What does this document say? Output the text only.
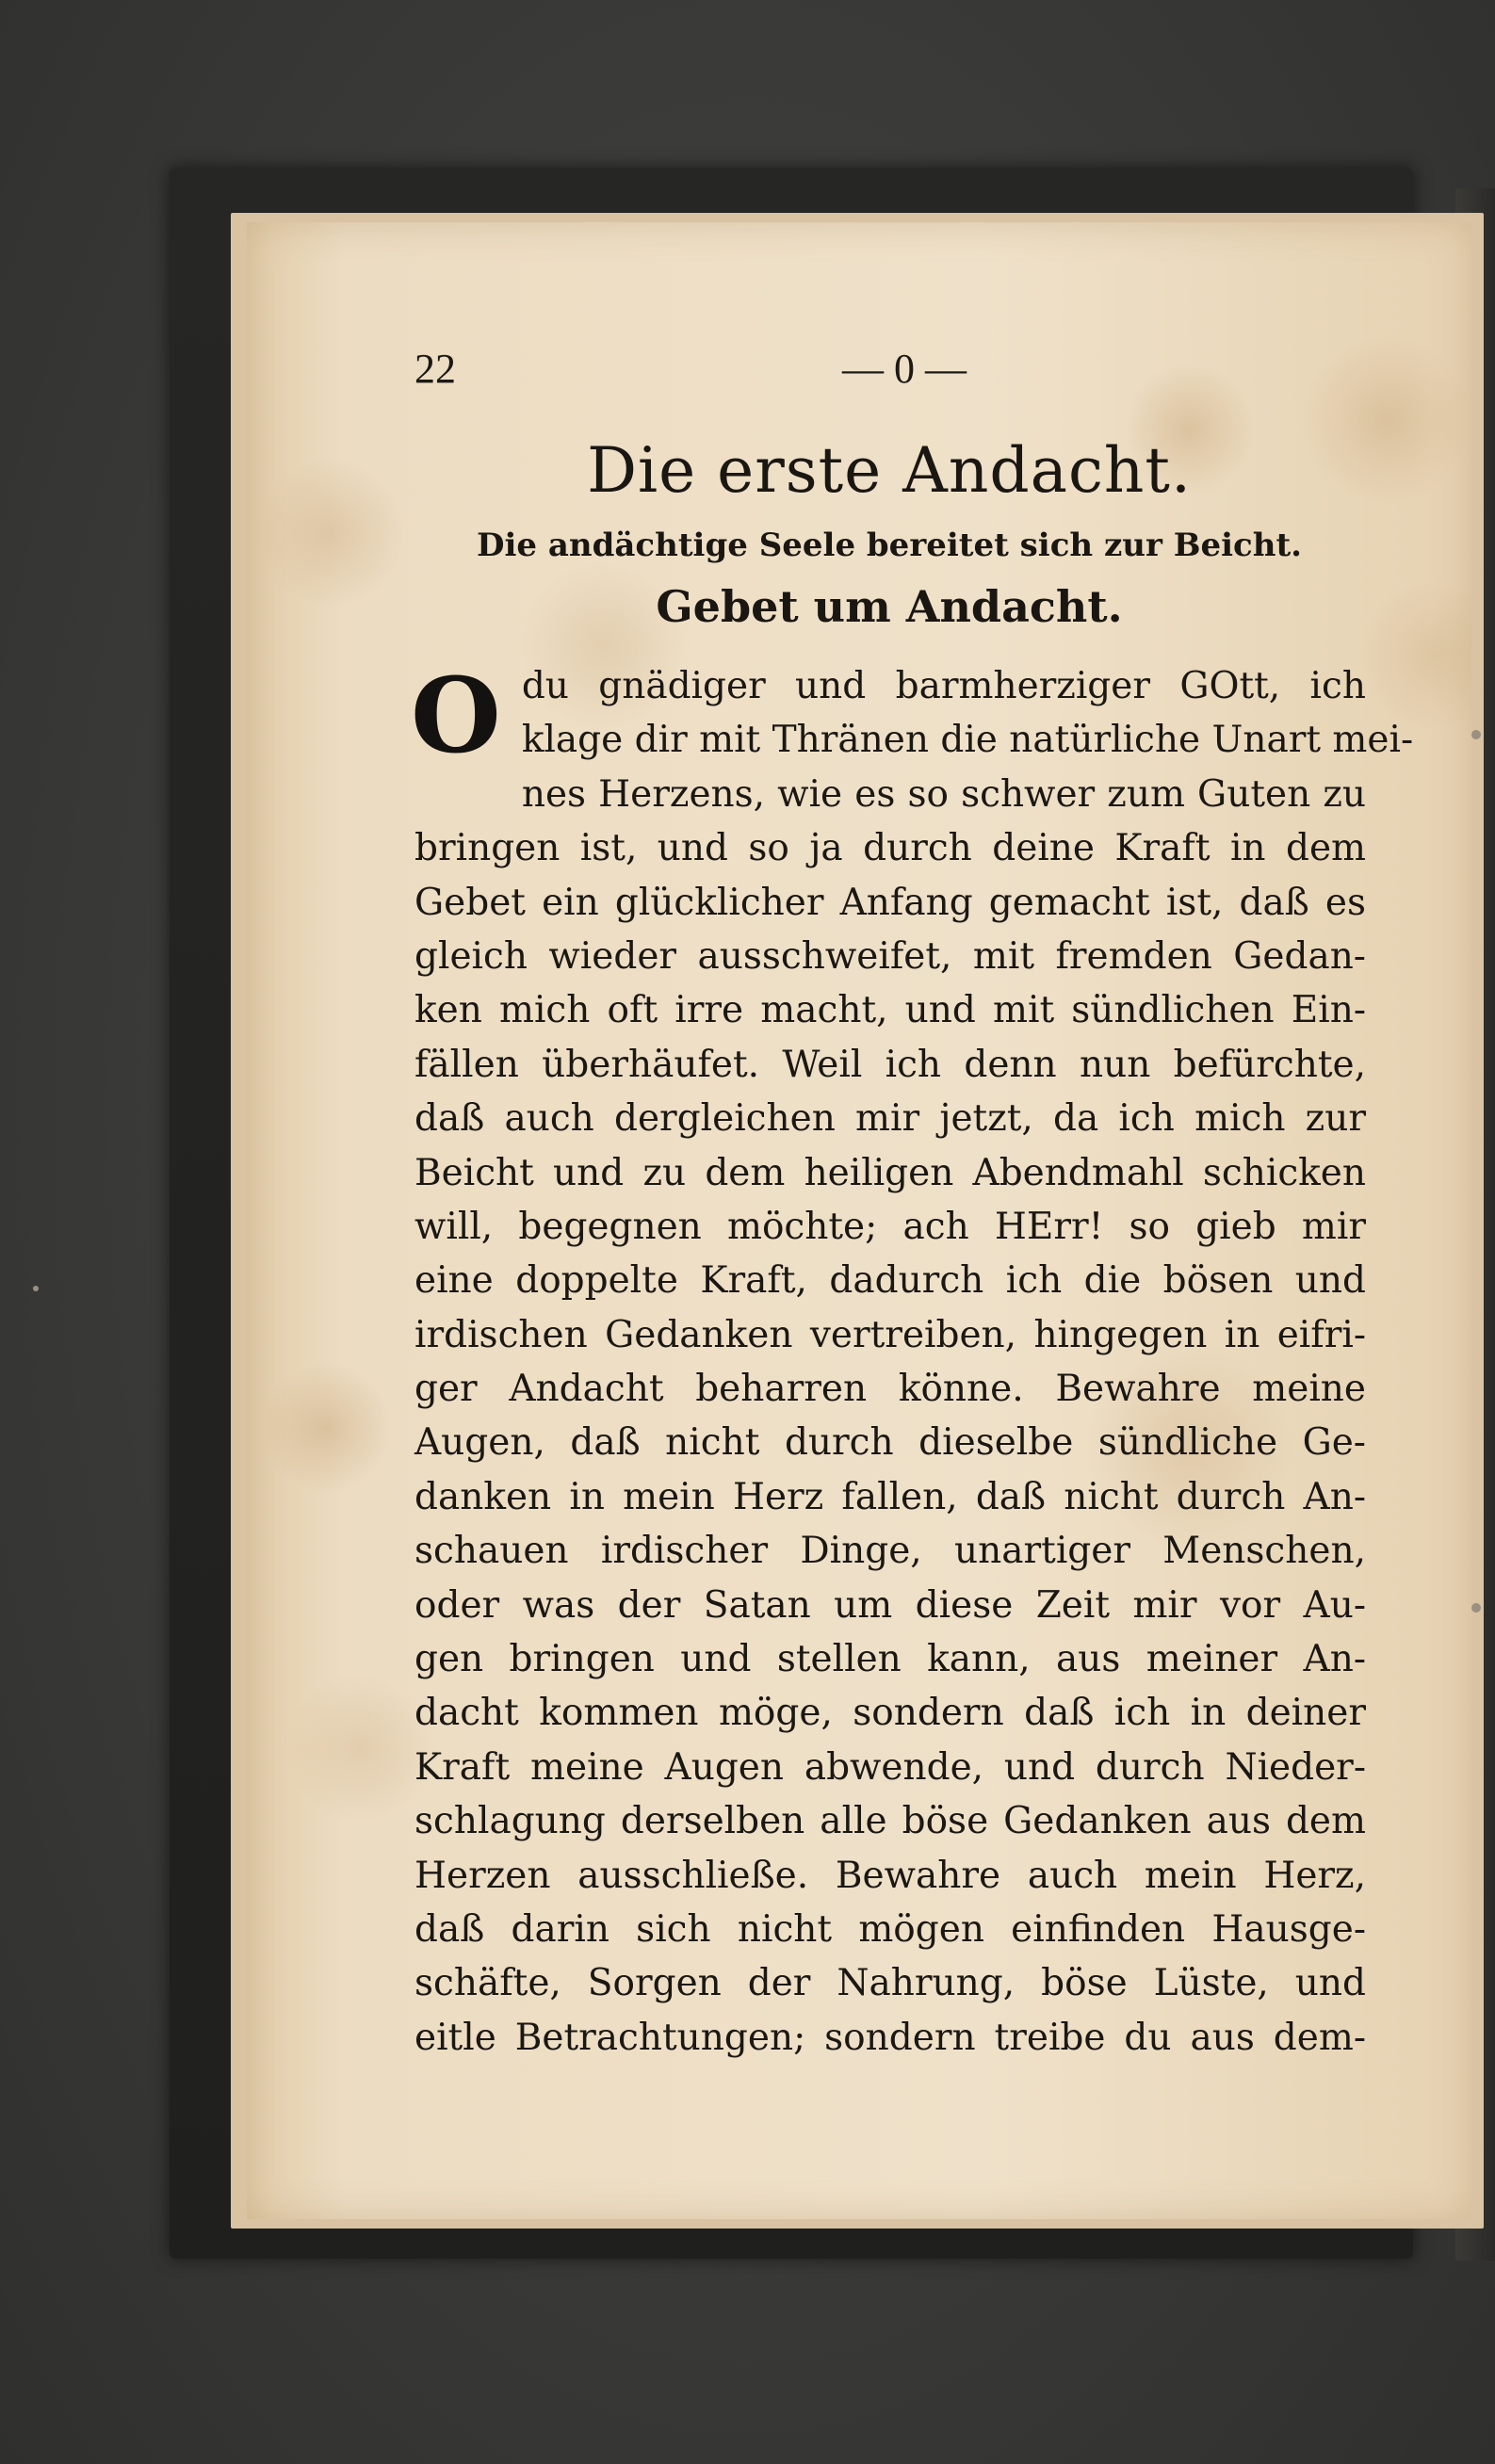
22	— 0 —
Die erste Andacht.
Die andächtige Seele bereitet sich zur Beicht.
Gebet um Andacht.
O du gnädiger und barmherziger GOtt, ich
klage dir mit Thränen die natürliche Unart mei-
nes Herzens, wie es so schwer zum Guten zu
bringen ist, und so ja durch deine Kraft in dem
Gebet ein glücklicher Anfang gemacht ist, daß es
gleich wieder ausschweifet, mit fremden Gedan-
ken mich oft irre macht, und mit sündlichen Ein-
fällen überhäufet. Weil ich denn nun befürchte,
daß auch dergleichen mir jetzt, da ich mich zur
Beicht und zu dem heiligen Abendmahl schicken
will, begegnen möchte; ach HErr! so gieb mir
eine doppelte Kraft, dadurch ich die bösen und
irdischen Gedanken vertreiben, hingegen in eifri-
ger Andacht beharren könne. Bewahre meine
Augen, daß nicht durch dieselbe sündliche Ge-
danken in mein Herz fallen, daß nicht durch An-
schauen irdischer Dinge, unartiger Menschen,
oder was der Satan um diese Zeit mir vor Au-
gen bringen und stellen kann, aus meiner An-
dacht kommen möge, sondern daß ich in deiner
Kraft meine Augen abwende, und durch Nieder-
schlagung derselben alle böse Gedanken aus dem
Herzen ausschließe. Bewahre auch mein Herz,
daß darin sich nicht mögen einfinden Hausge-
schäfte, Sorgen der Nahrung, böse Lüste, und
eitle Betrachtungen; sondern treibe du aus dem-
